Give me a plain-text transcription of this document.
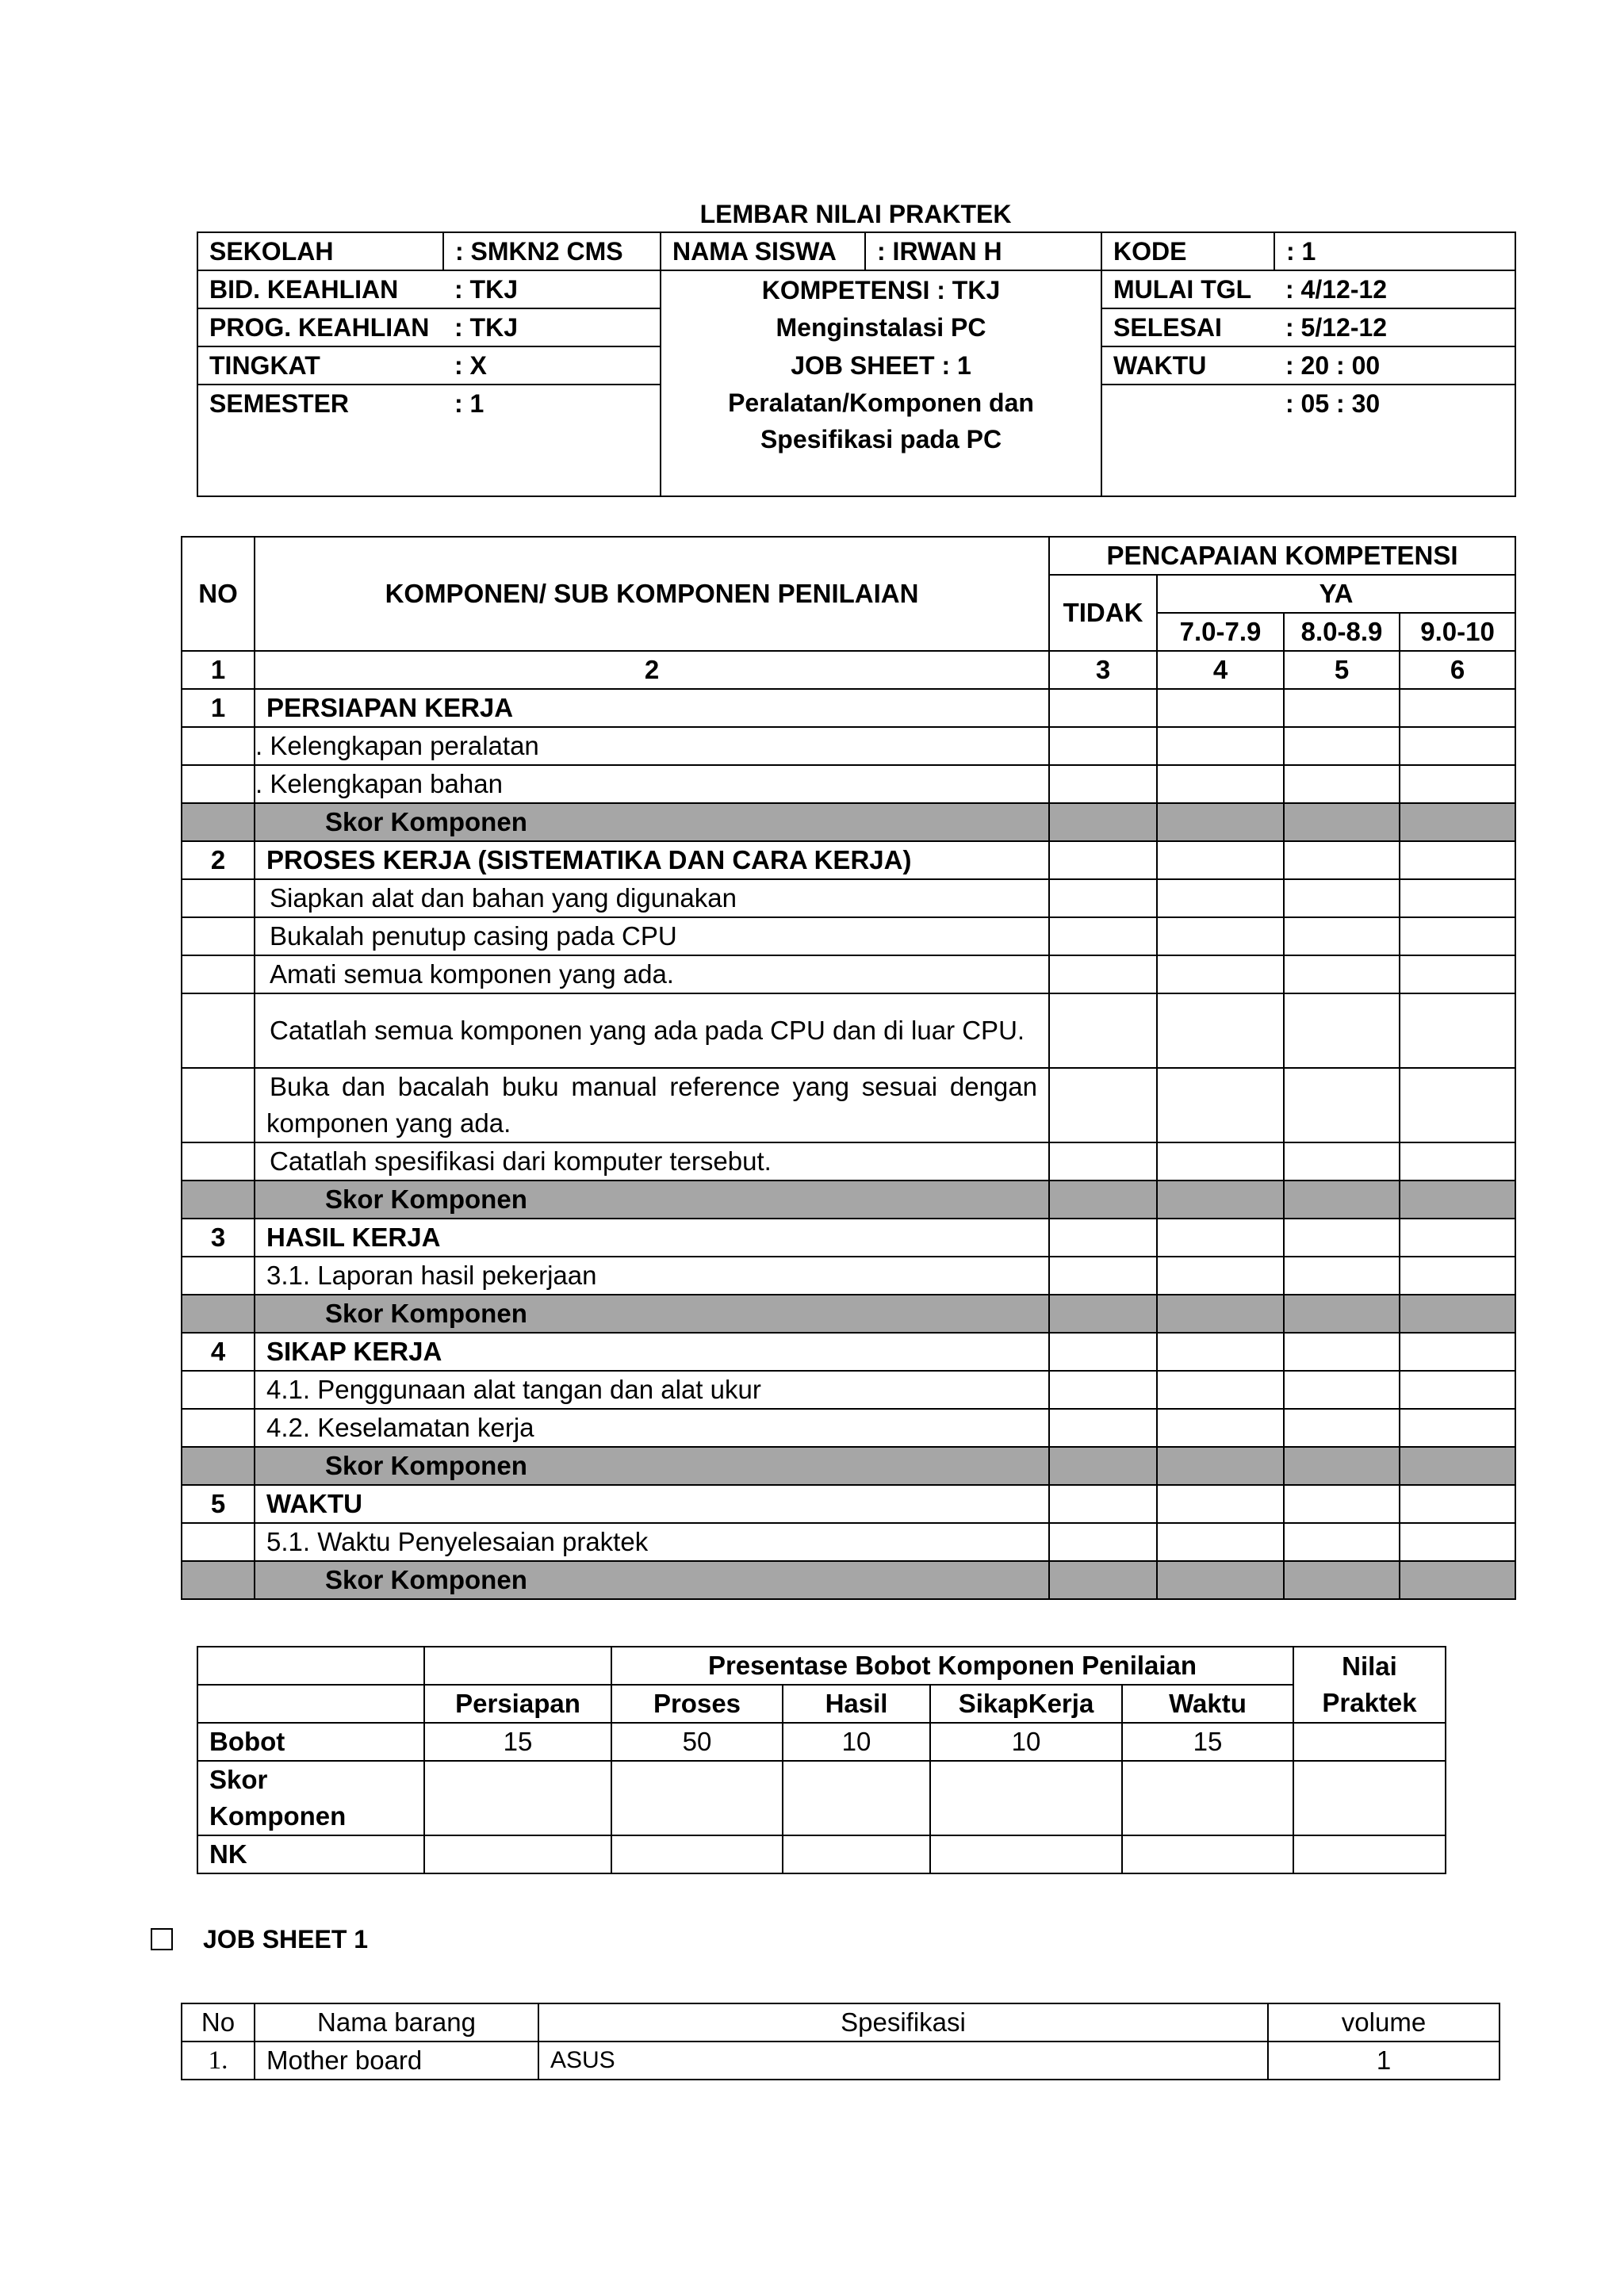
LEMBAR NILAI PRAKTEK
SEKOLAH	: SMKN2 CMS	NAMA SISWA	: IRWAN H	KODE	: 1
BID. KEAHLIAN	: TKJ	KOMPETENSI : TKJ		MULAI TGL	: 4/12-12
PROG. KEAHLIAN	: TKJ	Menginstalasi PC		SELESAI	: 5/12-12
TINGKAT	: X	JOB SHEET : 1		WAKTU	: 20 : 00
SEMESTER	: 1	Peralatan/Komponen dan			: 05 : 30
		Spesifikasi pada PC			

NO	KOMPONEN/ SUB KOMPONEN PENILAIAN	PENCAPAIAN KOMPETENSI			
		TIDAK	YA		
			7.0-7.9	8.0-8.9	9.0-10
1	2	3	4	5	6
1	PERSIAPAN KERJA				
	. Kelengkapan peralatan				
	. Kelengkapan bahan				
	Skor Komponen				
2	PROSES KERJA (SISTEMATIKA DAN CARA KERJA)				
	Siapkan alat dan bahan yang digunakan				
	Bukalah penutup casing pada CPU				
	Amati semua komponen yang ada.				
	Catatlah semua komponen yang ada pada CPU dan di luar CPU.				
	Buka dan bacalah buku manual reference yang sesuai dengan komponen yang ada.				
	Catatlah spesifikasi dari komputer tersebut.				
	Skor Komponen				
3	HASIL KERJA				
	3.1. Laporan hasil pekerjaan				
	Skor Komponen				
4	SIKAP KERJA				
	4.1. Penggunaan alat tangan dan alat ukur				
	4.2. Keselamatan kerja				
	Skor Komponen				
5	WAKTU				
	5.1. Waktu Penyelesaian praktek				
	Skor Komponen				
		Presentase Bobot Komponen Penilaian				Nilai
Praktek
	Persiapan	Proses	Hasil	SikapKerja	Waktu	
Bobot	15	50	10	10	15	
Skor
Komponen						
NK						
JOB SHEET 1
No	Nama barang	Spesifikasi	volume
1.	Mother board	ASUS	1
